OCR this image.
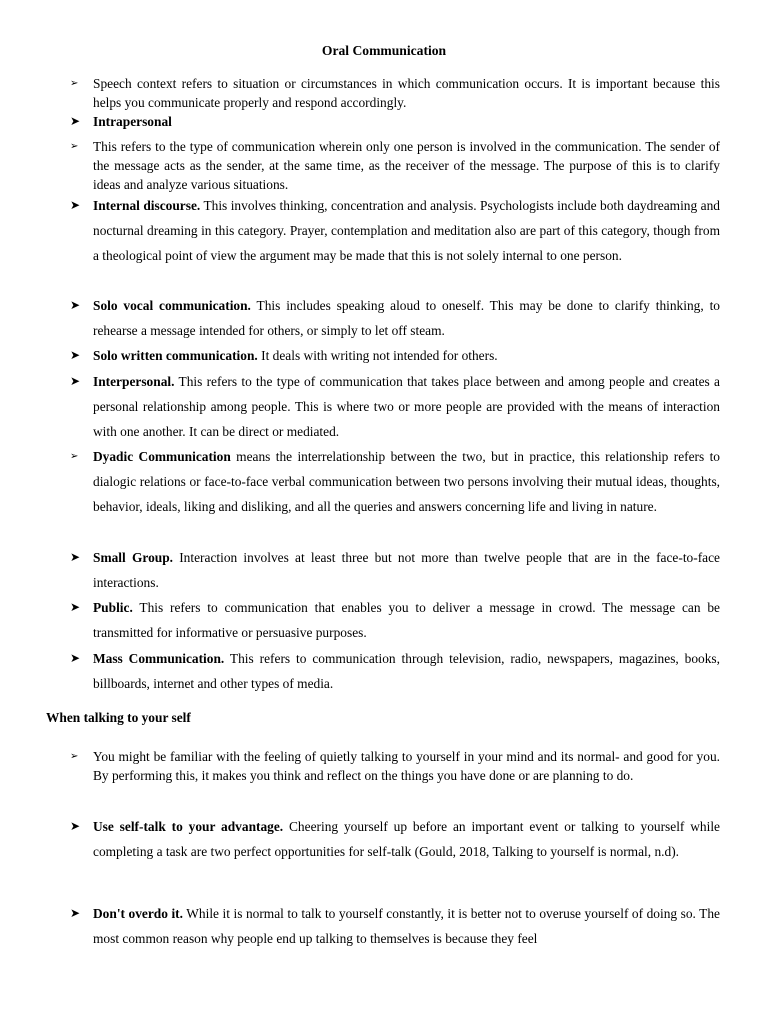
Oral Communication
➢	Speech context refers to situation or circumstances in which communication occurs. It is important because this helps you communicate properly and respond accordingly.
➤ Intrapersonal
➢	This refers to the type of communication wherein only one person is involved in the communication. The sender of the message acts as the sender, at the same time, as the receiver of the message. The purpose of this is to clarify ideas and analyze various situations.
➤ Internal discourse. This involves thinking, concentration and analysis. Psychologists include both daydreaming and nocturnal dreaming in this category. Prayer, contemplation and meditation also are part of this category, though from a theological point of view the argument may be made that this is not solely internal to one person.
➤ Solo vocal communication. This includes speaking aloud to oneself. This may be done to clarify thinking, to rehearse a message intended for others, or simply to let off steam.
➤ Solo written communication. It deals with writing not intended for others.
➤ Interpersonal. This refers to the type of communication that takes place between and among people and creates a personal relationship among people. This is where two or more people are provided with the means of interaction with one another. It can be direct or mediated.
➢	Dyadic Communication means the interrelationship between the two, but in practice, this relationship refers to dialogic relations or face-to-face verbal communication between two persons involving their mutual ideas, thoughts, behavior, ideals, liking and disliking, and all the queries and answers concerning life and living in nature.
➤ Small Group. Interaction involves at least three but not more than twelve people that are in the face-to-face interactions.
➤ Public. This refers to communication that enables you to deliver a message in crowd. The message can be transmitted for informative or persuasive purposes.
➤ Mass Communication. This refers to communication through television, radio, newspapers, magazines, books, billboards, internet and other types of media.
When talking to your self
➢	You might be familiar with the feeling of quietly talking to yourself in your mind and its normal- and good for you. By performing this, it makes you think and reflect on the things you have done or are planning to do.
➤ Use self-talk to your advantage. Cheering yourself up before an important event or talking to yourself while completing a task are two perfect opportunities for self-talk (Gould, 2018, Talking to yourself is normal, n.d).
➤ Don't overdo it. While it is normal to talk to yourself constantly, it is better not to overuse yourself of doing so. The most common reason why people end up talking to themselves is because they feel
